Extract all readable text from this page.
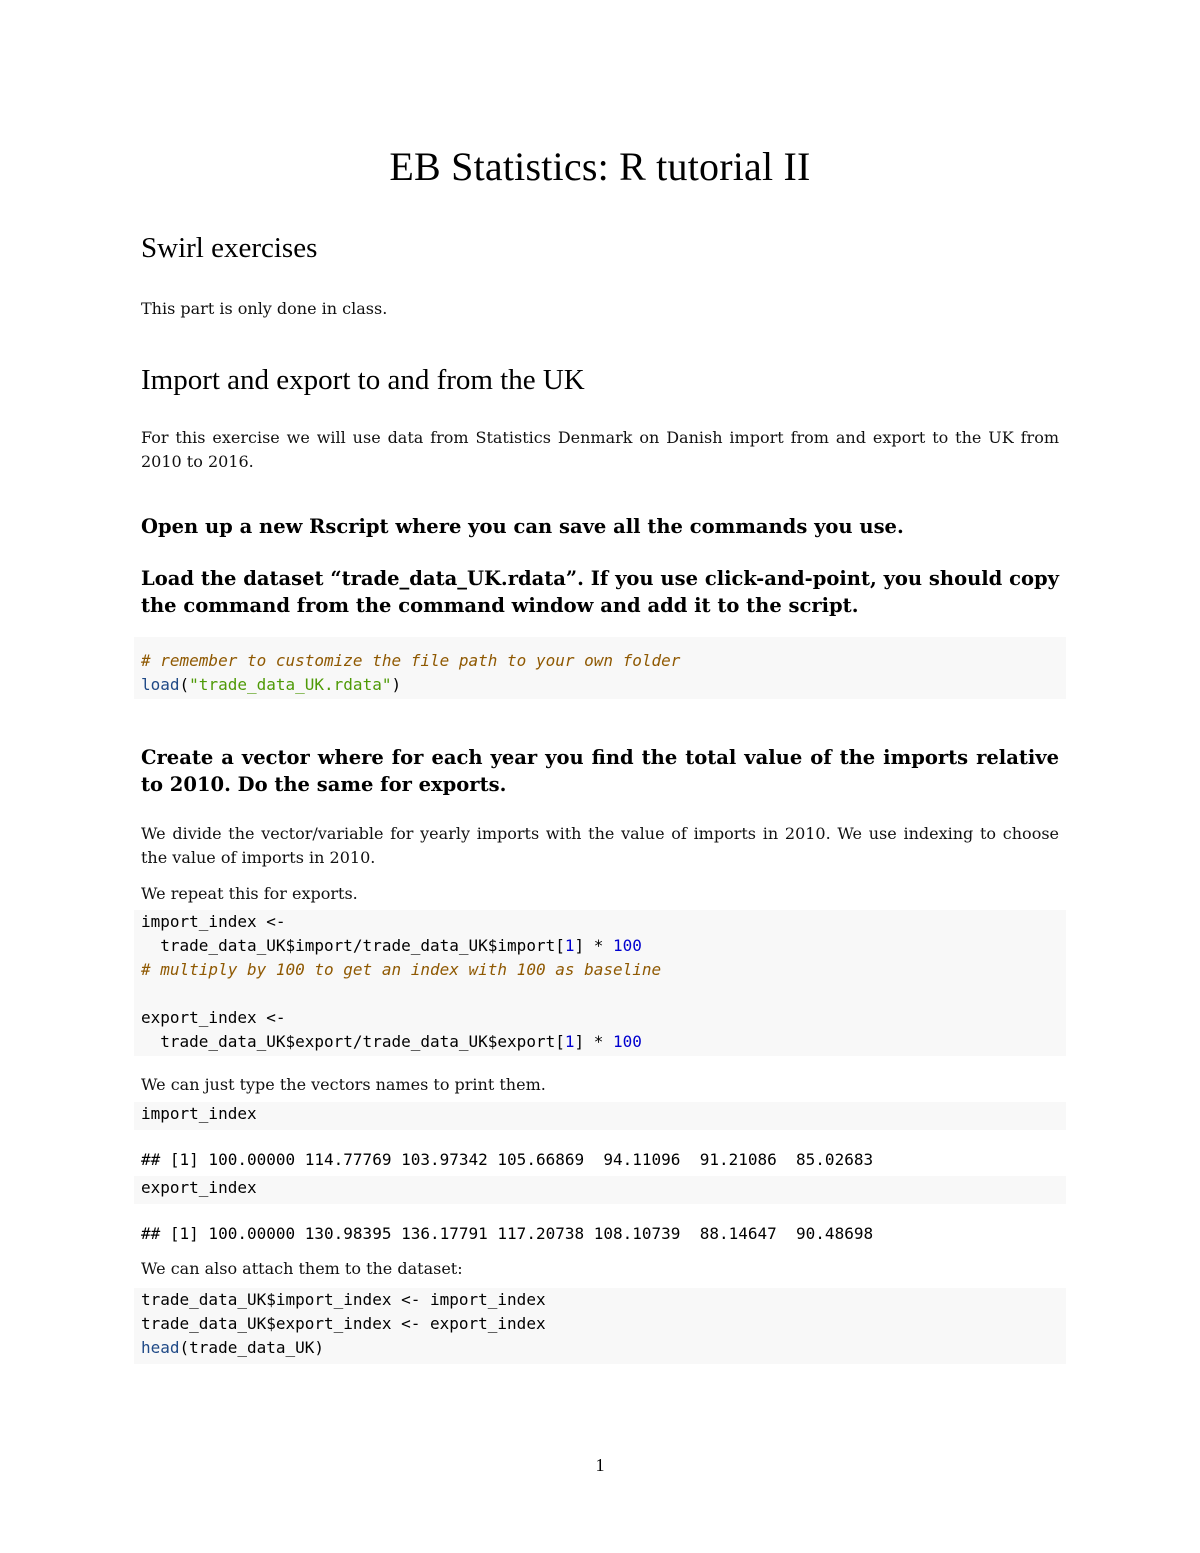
EB Statistics: R tutorial II
Swirl exercises

This part is only done in class.

Import and export to and from the UK

For this exercise we will use data from Statistics Denmark on Danish import from and export to the UK from 2010 to 2016.

Open up a new Rscript where you can save all the commands you use.
Load the dataset “trade_data_UK.rdata”. If you use click-and-point, you should copy the command from the command window and add it to the script.
# remember to customize the file path to your own folder
load("trade_data_UK.rdata")
Create a vector where for each year you find the total value of the imports relative to 2010. Do the same for exports.

We divide the vector/variable for yearly imports with the value of imports in 2010. We use indexing to choose the value of imports in 2010.

We repeat this for exports.

import_index <-
trade_data_UK$import/trade_data_UK$import[1] * 100
# multiply by 100 to get an index with 100 as baseline
export_index <-
trade_data_UK$export/trade_data_UK$export[1] * 100

We can just type the vectors names to print them.

import_index
## [1] 100.00000 114.77769 103.97342 105.66869  94.11096  91.21086  85.02683
export_index
## [1] 100.00000 130.98395 136.17791 117.20738 108.10739  88.14647  90.48698

We can also attach them to the dataset:

trade_data_UK$import_index <- import_index
trade_data_UK$export_index <- export_index
head(trade_data_UK)
1
